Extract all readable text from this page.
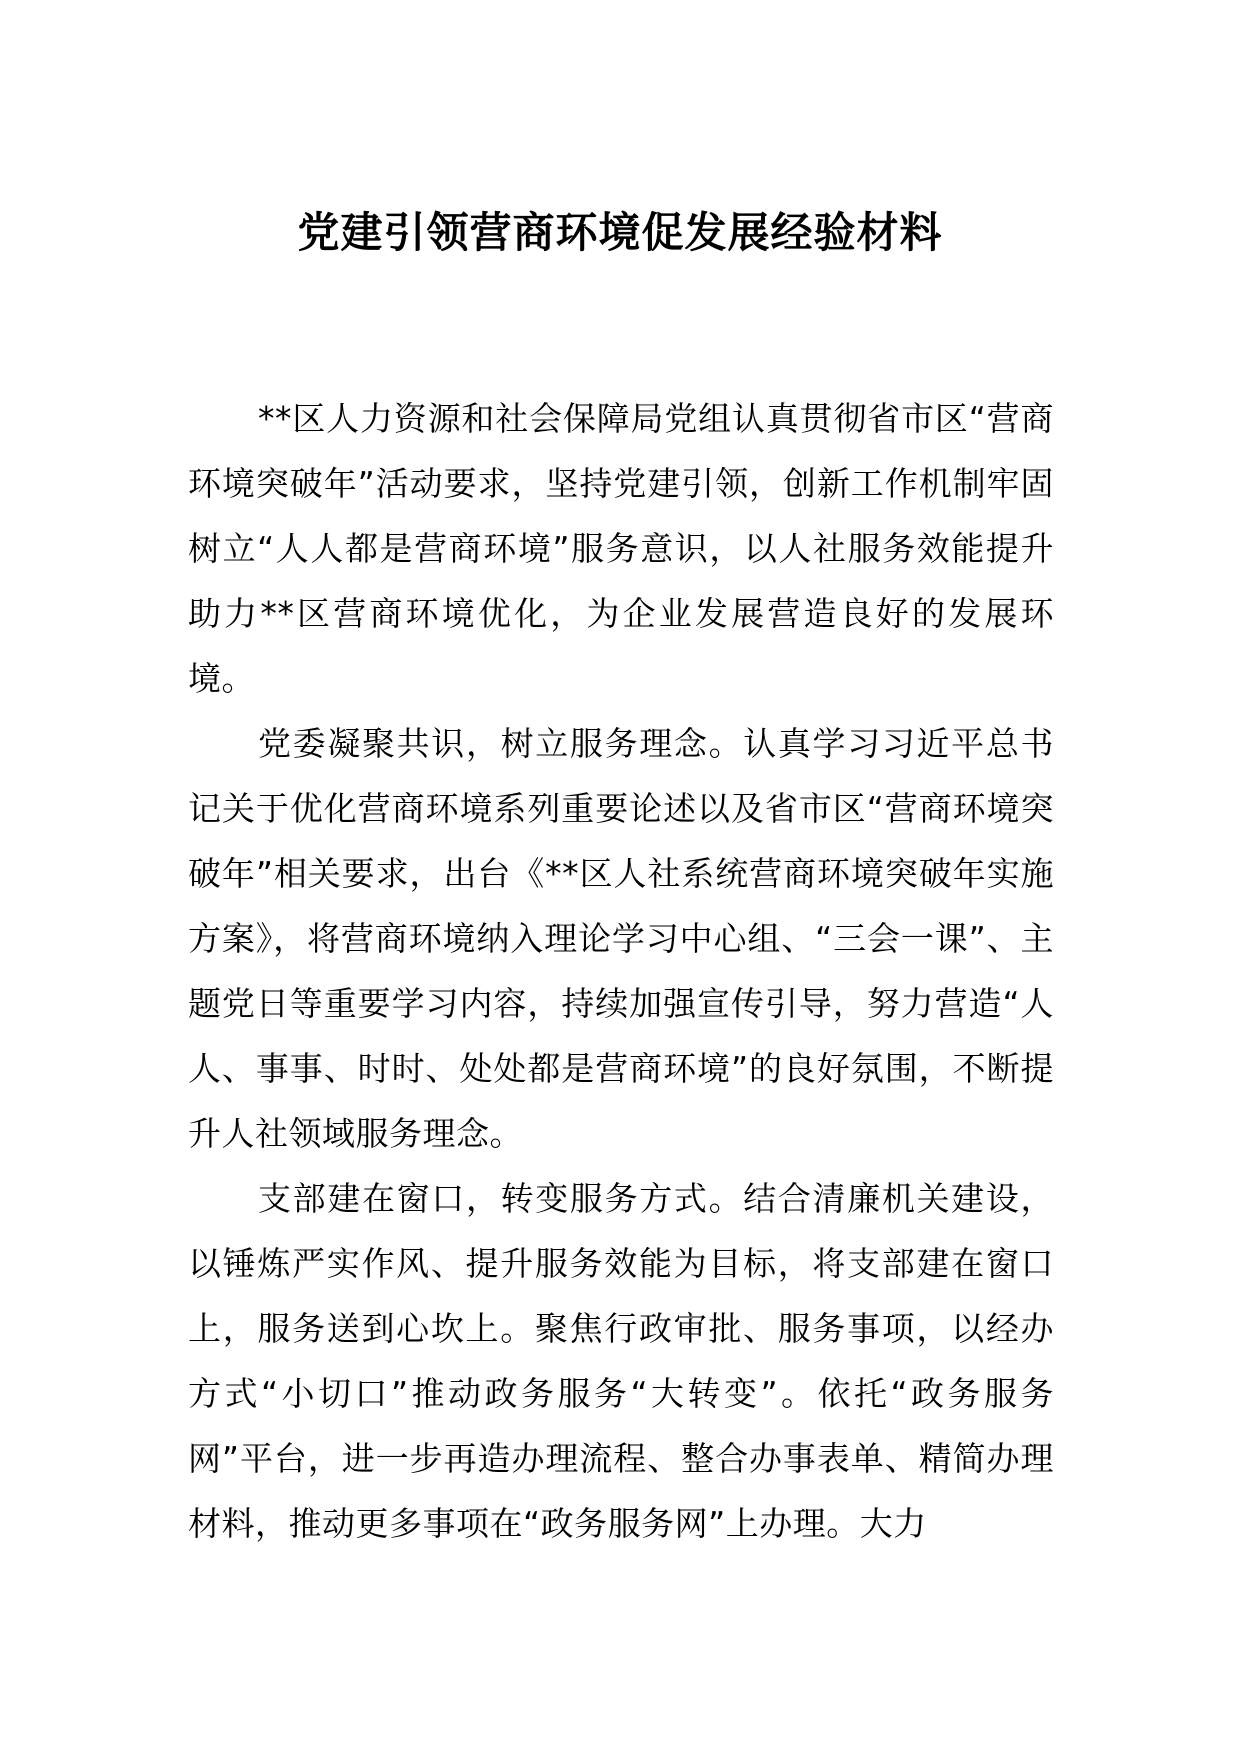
党建引领营商环境促发展经验材料

**区人力资源和社会保障局党组认真贯彻省市区“营商环境突破年”活动要求，坚持党建引领，创新工作机制牢固树立“人人都是营商环境”服务意识，以人社服务效能提升助力**区营商环境优化，为企业发展营造良好的发展环境。

党委凝聚共识，树立服务理念。认真学习习近平总书记关于优化营商环境系列重要论述以及省市区“营商环境突破年”相关要求，出台《**区人社系统营商环境突破年实施方案》，将营商环境纳入理论学习中心组、“三会一课”、主题党日等重要学习内容，持续加强宣传引导，努力营造“人人、事事、时时、处处都是营商环境”的良好氛围，不断提升人社领域服务理念。

支部建在窗口，转变服务方式。结合清廉机关建设，以锤炼严实作风、提升服务效能为目标，将支部建在窗口上，服务送到心坎上。聚焦行政审批、服务事项，以经办方式“小切口”推动政务服务“大转变”。依托“政务服务网”平台，进一步再造办理流程、整合办事表单、精简办理材料，推动更多事项在“政务服务网”上办理。大力
